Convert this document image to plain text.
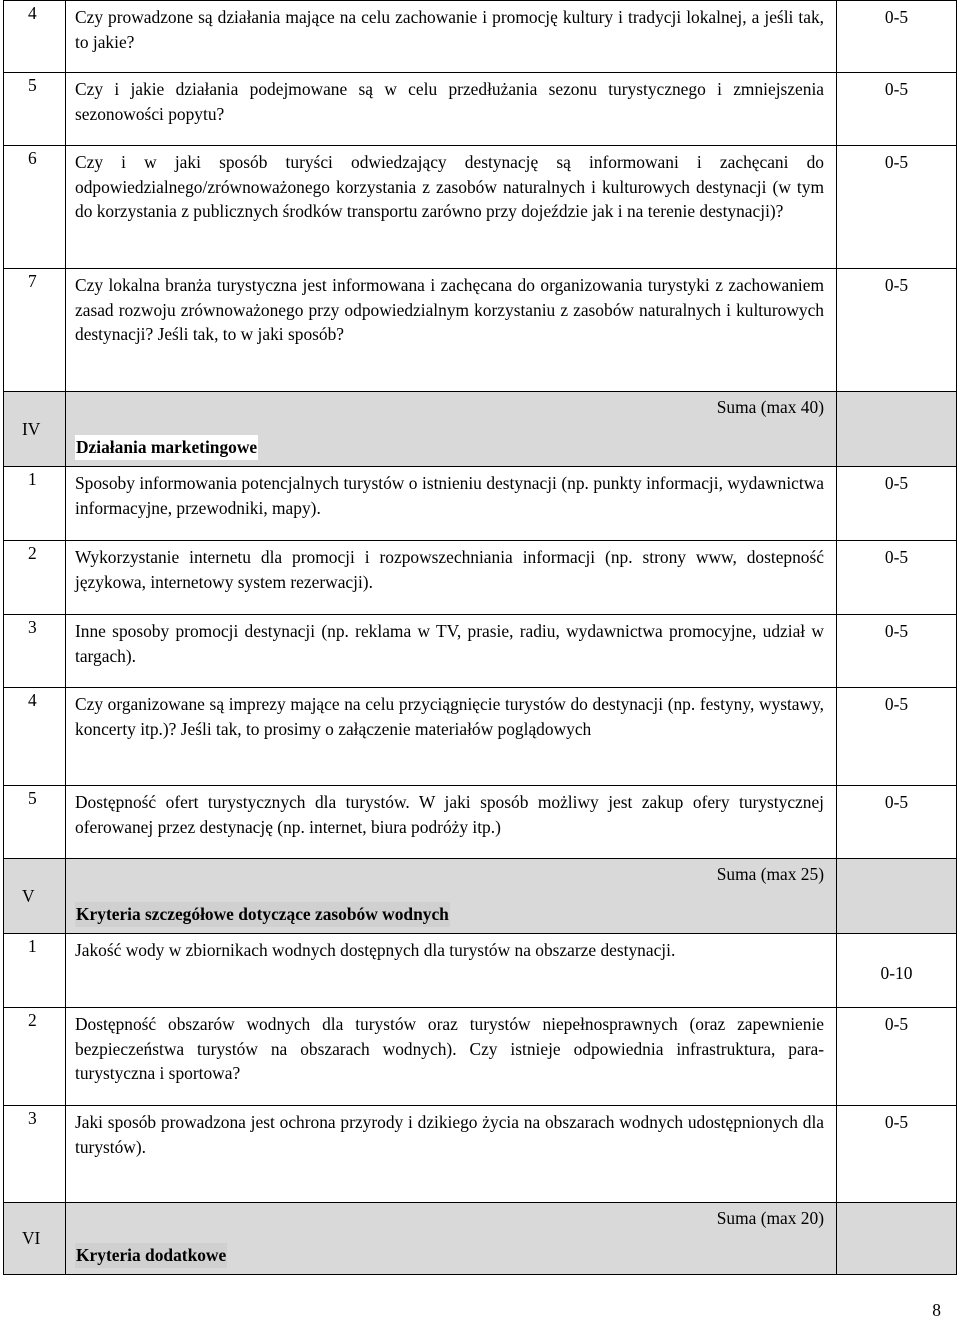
4	Czy prowadzone są działania mające na celu zachowanie i promocję kultury i tradycji lokalnej, a jeśli tak, to jakie?	0-5
5	Czy i jakie działania podejmowane są w celu przedłużania sezonu turystycznego i zmniejszenia sezonowości popytu?	0-5
6	Czy i w jaki sposób turyści odwiedzający destynację są informowani i zachęcani do odpowiedzialnego/zrównoważonego korzystania z zasobów naturalnych i kulturowych destynacji (w tym do korzystania z publicznych środków transportu zarówno przy dojeździe jak i na terenie destynacji)?	0-5
7	Czy lokalna branża turystyczna jest informowana i zachęcana do organizowania turystyki z zachowaniem zasad rozwoju zrównoważonego przy odpowiedzialnym korzystaniu z zasobów naturalnych i kulturowych destynacji? Jeśli tak, to w jaki sposób?	0-5
IV	Suma (max 40)
Działania marketingowe	

1	Sposoby informowania potencjalnych turystów o istnieniu destynacji (np. punkty informacji, wydawnictwa informacyjne, przewodniki, mapy).	0-5
2	Wykorzystanie internetu dla promocji i rozpowszechniania informacji (np. strony www, dostepność językowa, internetowy system rezerwacji).	0-5
3	Inne sposoby promocji destynacji (np. reklama w TV, prasie, radiu, wydawnictwa promocyjne, udział w targach).	0-5
4	Czy organizowane są imprezy mające na celu przyciągnięcie turystów do destynacji (np. festyny, wystawy, koncerty itp.)? Jeśli tak, to prosimy o załączenie materiałów poglądowych	0-5
5	Dostępność ofert turystycznych dla turystów. W jaki sposób możliwy jest zakup ofery turystycznej oferowanej przez destynację (np. internet, biura podróży itp.)	0-5
V	Suma (max 25)
Kryteria szczegółowe dotyczące zasobów wodnych	

1	Jakość wody w zbiornikach wodnych dostępnych dla turystów na obszarze destynacji.	0-10
2	Dostępność obszarów wodnych dla turystów oraz turystów niepełnosprawnych (oraz zapewnienie bezpieczeństwa turystów na obszarach wodnych). Czy istnieje odpowiednia infrastruktura, para-turystyczna i sportowa?	0-5
3	Jaki sposób prowadzona jest ochrona przyrody i dzikiego życia na obszarach wodnych udostępnionych dla turystów).	0-5
VI	Suma (max 20)
Kryteria dodatkowe	

8
